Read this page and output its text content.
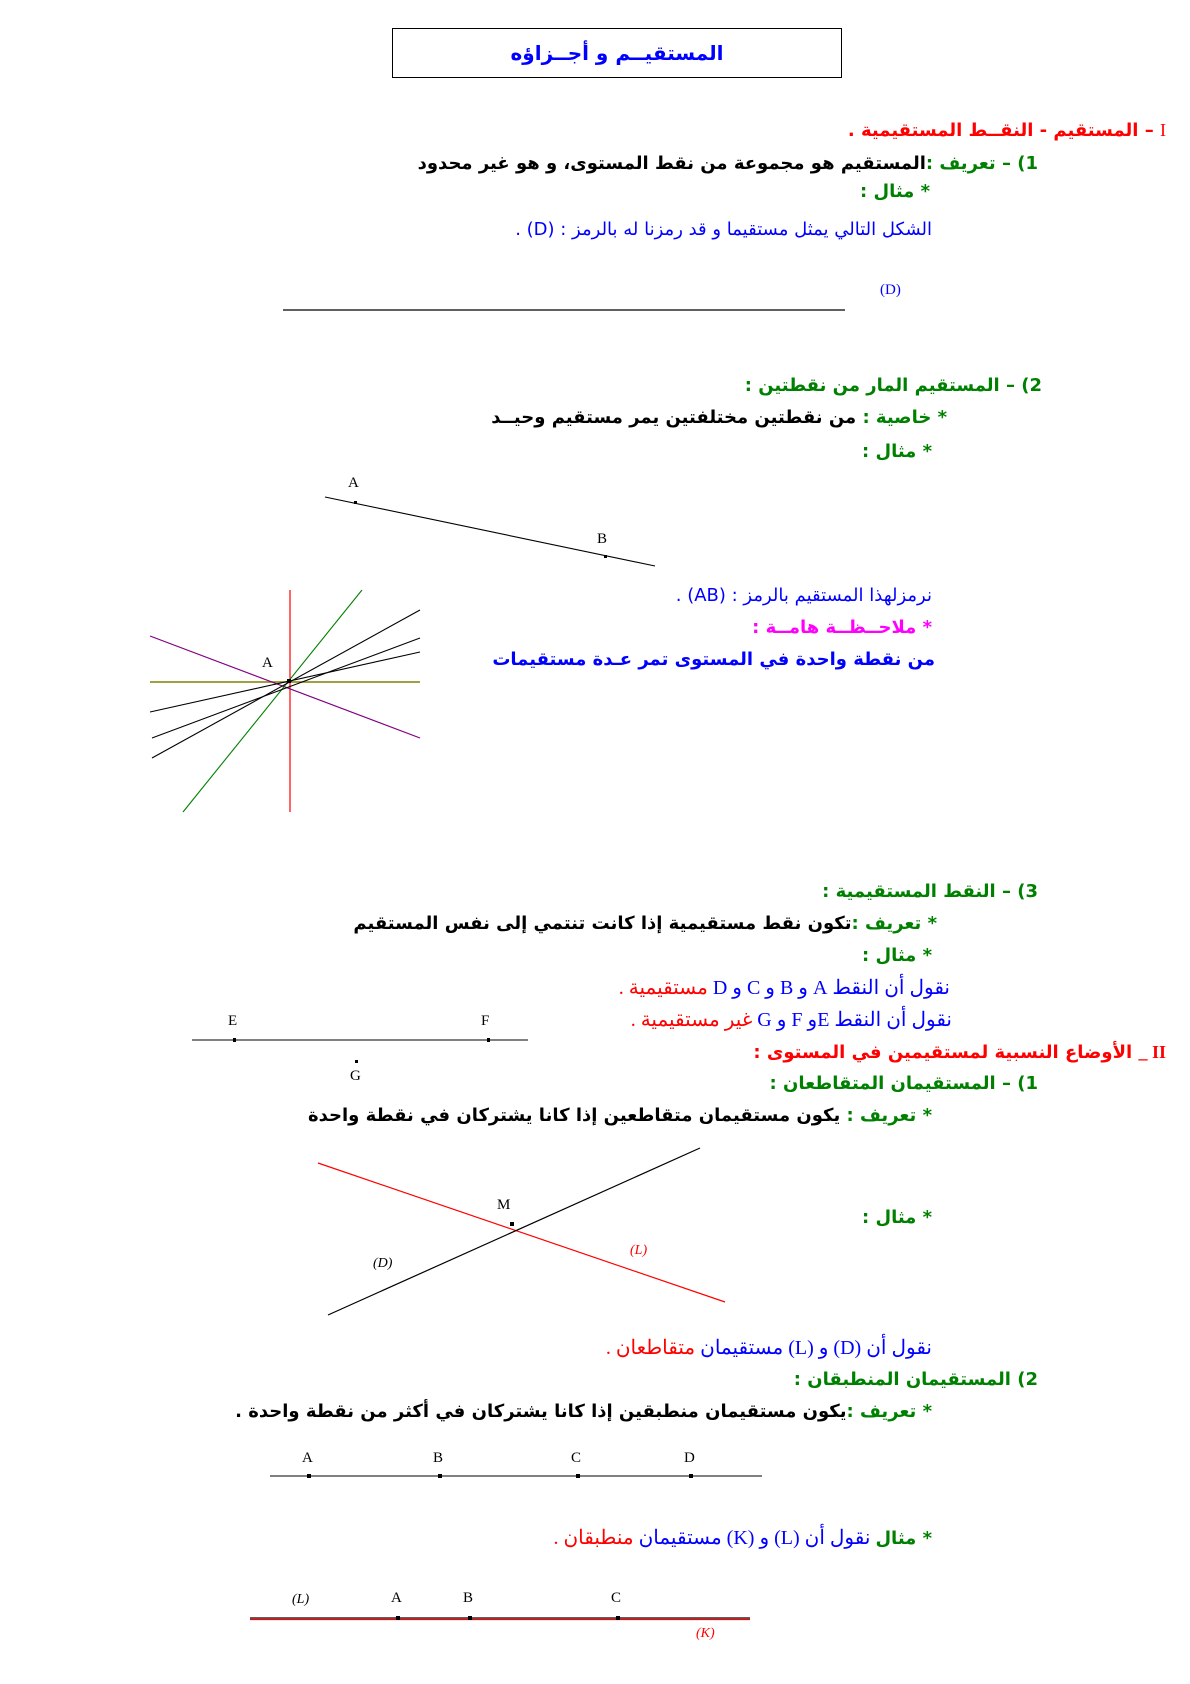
المستقيــم و أجــزاؤه
I – المستقيم - النقــط المستقيمية .
1) – تعريف :المستقيم هو مجموعة من نقط المستوى، و هو غير محدود
* مثال :
الشكل التالي يمثل مستقيما و قد رمزنا له بالرمز : (D) .
(D)
2) – المستقيم المار من نقطتين :
* خاصية : من نقطتين مختلفتين يمر مستقيم وحيــد
* مثال :
A
B
نرمزلهذا المستقيم بالرمز : (AB) .
* ملاحــظــة هامــة :
من نقطة واحدة في المستوى تمر عـدة مستقيمات
A
3) – النقط المستقيمية :
* تعريف :تكون نقط مستقيمية إذا كانت تنتمي إلى نفس المستقيم
* مثال :
نقول أن النقط A و B و C و D مستقيمية .
نقول أن النقط Eو F و G غير مستقيمية .
E	F
G
II _ الأوضاع النسبية لمستقيمين في المستوى :
1) – المستقيمان المتقاطعان :
* تعريف : يكون مستقيمان متقاطعين إذا كانا يشتركان في نقطة واحدة
M
(D)
(L)
* مثال :
نقول أن (D) و (L) مستقيمان متقاطعان .
2) المستقيمان المنطبقان :
* تعريف :يكون مستقيمان منطبقين إذا كانا يشتركان في أكثر من نقطة واحدة .
A	B	C	D
* مثال نقول أن (L) و (K) مستقيمان منطبقان .
(L)	A	B	C
(K)
